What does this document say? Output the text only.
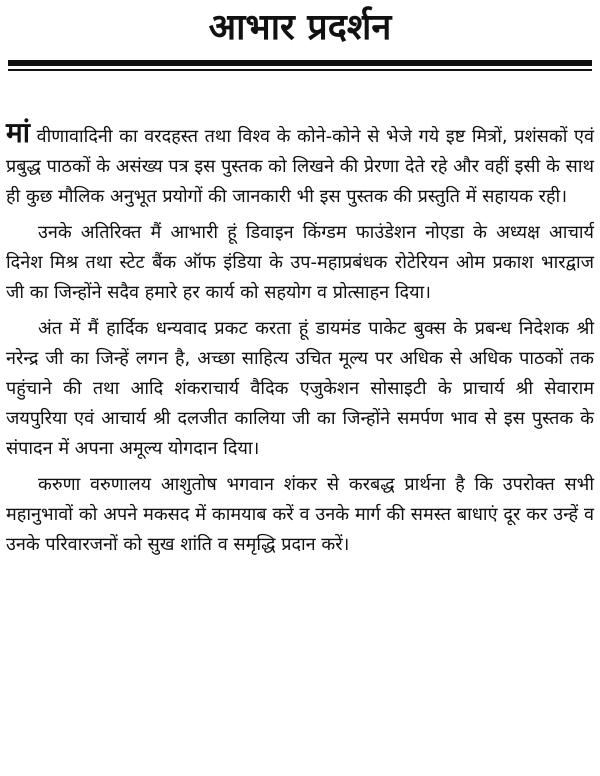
आभार प्रदर्शन

मां वीणावादिनी का वरदहस्त तथा विश्व के कोने-कोने से भेजे गये इष्ट मित्रों, प्रशंसकों एवं प्रबुद्ध पाठकों के असंख्य पत्र इस पुस्तक को लिखने की प्रेरणा देते रहे और वहीं इसी के साथ ही कुछ मौलिक अनुभूत प्रयोगों की जानकारी भी इस पुस्तक की प्रस्तुति में सहायक रही।

उनके अतिरिक्त मैं आभारी हूं डिवाइन किंग्डम फाउंडेशन नोएडा के अध्यक्ष आचार्य दिनेश मिश्र तथा स्टेट बैंक ऑफ इंडिया के उप-महाप्रबंधक रोटेरियन ओम प्रकाश भारद्वाज जी का जिन्होंने सदैव हमारे हर कार्य को सहयोग व प्रोत्साहन दिया।

अंत में मैं हार्दिक धन्यवाद प्रकट करता हूं डायमंड पाकेट बुक्स के प्रबन्ध निदेशक श्री नरेन्द्र जी का जिन्हें लगन है, अच्छा साहित्य उचित मूल्य पर अधिक से अधिक पाठकों तक पहुंचाने की तथा आदि शंकराचार्य वैदिक एजुकेशन सोसाइटी के प्राचार्य श्री सेवाराम जयपुरिया एवं आचार्य श्री दलजीत कालिया जी का जिन्होंने समर्पण भाव से इस पुस्तक के संपादन में अपना अमूल्य योगदान दिया।

करुणा वरुणालय आशुतोष भगवान शंकर से करबद्ध प्रार्थना है कि उपरोक्त सभी महानुभावों को अपने मकसद में कामयाब करें व उनके मार्ग की समस्त बाधाएं दूर कर उन्हें व उनके परिवारजनों को सुख शांति व समृद्धि प्रदान करें।
